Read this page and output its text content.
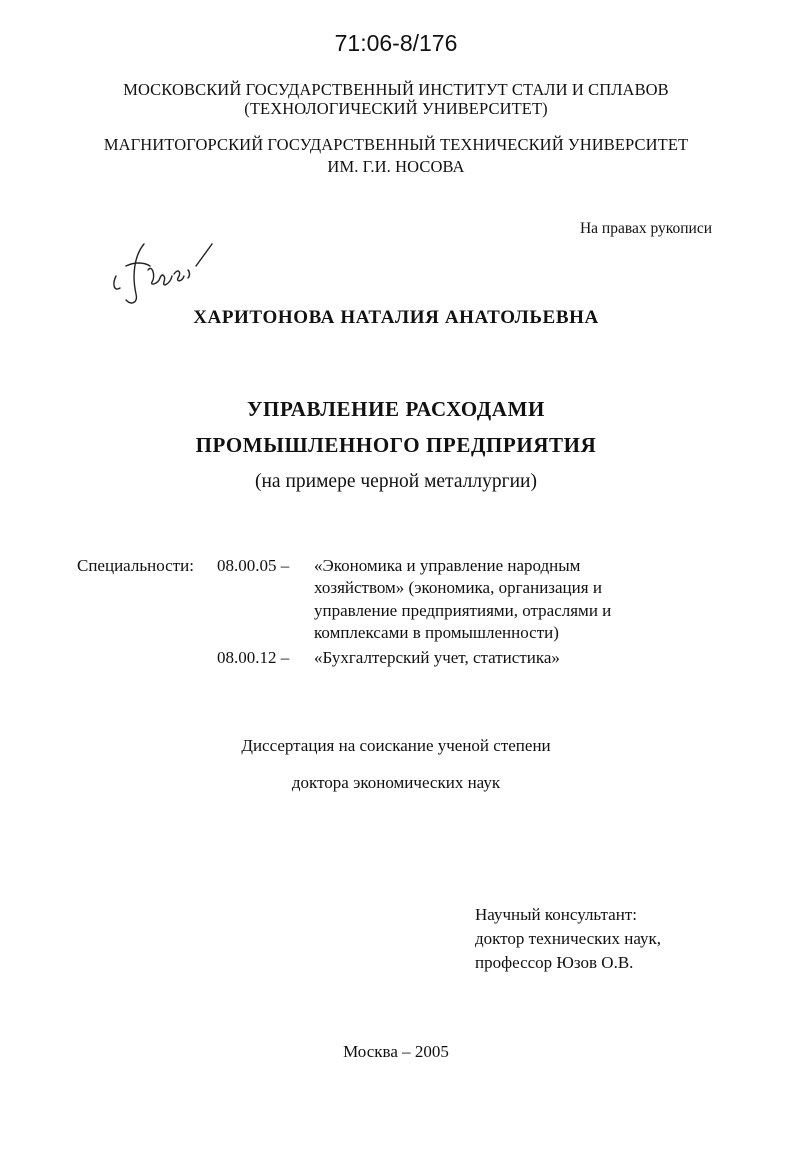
71:06-8/176
МОСКОВСКИЙ ГОСУДАРСТВЕННЫЙ ИНСТИТУТ СТАЛИ И СПЛАВОВ
(ТЕХНОЛОГИЧЕСКИЙ УНИВЕРСИТЕТ)
МАГНИТОГОРСКИЙ ГОСУДАРСТВЕННЫЙ ТЕХНИЧЕСКИЙ УНИВЕРСИТЕТ
ИМ. Г.И. НОСОВА
На правах рукописи
ХАРИТОНОВА НАТАЛИЯ АНАТОЛЬЕВНА
УПРАВЛЕНИЕ РАСХОДАМИ
ПРОМЫШЛЕННОГО ПРЕДПРИЯТИЯ
(на примере черной металлургии)
Специальности: 08.00.05 – «Экономика и управление народным
хозяйством» (экономика, организация и
управление предприятиями, отраслями и
комплексами в промышленности)
08.00.12 – «Бухгалтерский учет, статистика»
Диссертация на соискание ученой степени
доктора экономических наук
Научный консультант:
доктор технических наук,
профессор Юзов О.В.
Москва – 2005
